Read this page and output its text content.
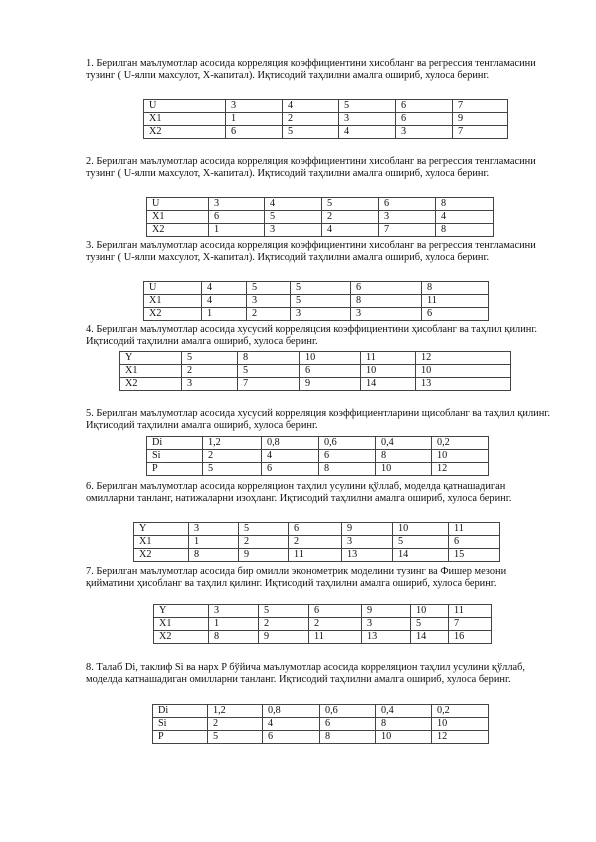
1. Берилган маълумотлар асосида корреляция коэффициентини хисобланг ва регрессия тенгламасини тузинг ( U-ялпи махсулот, X-капитал). Иқтисодий таҳлилни амалга ошириб, хулоса беринг.

U	3	4	5	6	7
X1	1	2	3	6	9
X2	6	5	4	3	7

2. Берилган маълумотлар асосида корреляция коэффициентини хисобланг ва регрессия тенгламасини тузинг ( U-ялпи махсулот, X-капитал). Иқтисодий таҳлилни амалга ошириб, хулоса беринг.

U	3	4	5	6	8
X1	6	5	2	3	4
X2	1	3	4	7	8

3. Берилган маълумотлар асосида корреляция коэффициентини хисобланг ва регрессия тенгламасини тузинг ( U-ялпи махсулот, X-капитал). Иқтисодий таҳлилни амалга ошириб, хулоса беринг.

U	4	5	5	6	8
X1	4	3	5	8	11
X2	1	2	3	3	6

4. Берилган маълумотлар асосида хусусий корреляцсия коэффициентини ҳисобланг ва таҳлил қилинг. Иқтисодий таҳлилни амалга ошириб, хулоса беринг.

Y	5	8	10	11	12
X1	2	5	6	10	10
X2	3	7	9	14	13

5. Берилган маълумотлар асосида хусусий корреляция коэффициентларини щисобланг ва таҳлил қилинг. Иқтисодий таҳлилни амалга ошириб, хулоса беринг.

Di	1,2	0,8	0,6	0,4	0,2
Si	2	4	6	8	10
P	5	6	8	10	12

6. Берилган маълумотлар асосида корреляцион таҳлил усулини қўллаб, моделда қатнашадиган омилларни танланг, натижаларни изоҳланг. Иқтисодий таҳлилни амалга ошириб, хулоса беринг.

Y	3	5	6	9	10	11
X1	1	2	2	3	5	6
X2	8	9	11	13	14	15

7. Берилган маълумотлар асосида бир омилли эконометрик моделини тузинг ва Фишер мезони қийматини ҳисобланг ва таҳлил қилинг. Иқтисодий таҳлилни амалга ошириб, хулоса беринг.

Y	3	5	6	9	10	11
X1	1	2	2	3	5	7
X2	8	9	11	13	14	16

8. Талаб Di, таклиф Si ва нарх P бўйича маълумотлар асосида корреляцион таҳлил усулини қўллаб, моделда катнашадиган омилларни танланг. Иқтисодий таҳлилни амалга ошириб, хулоса беринг.

Di	1,2	0,8	0,6	0,4	0,2
Si	2	4	6	8	10
P	5	6	8	10	12
